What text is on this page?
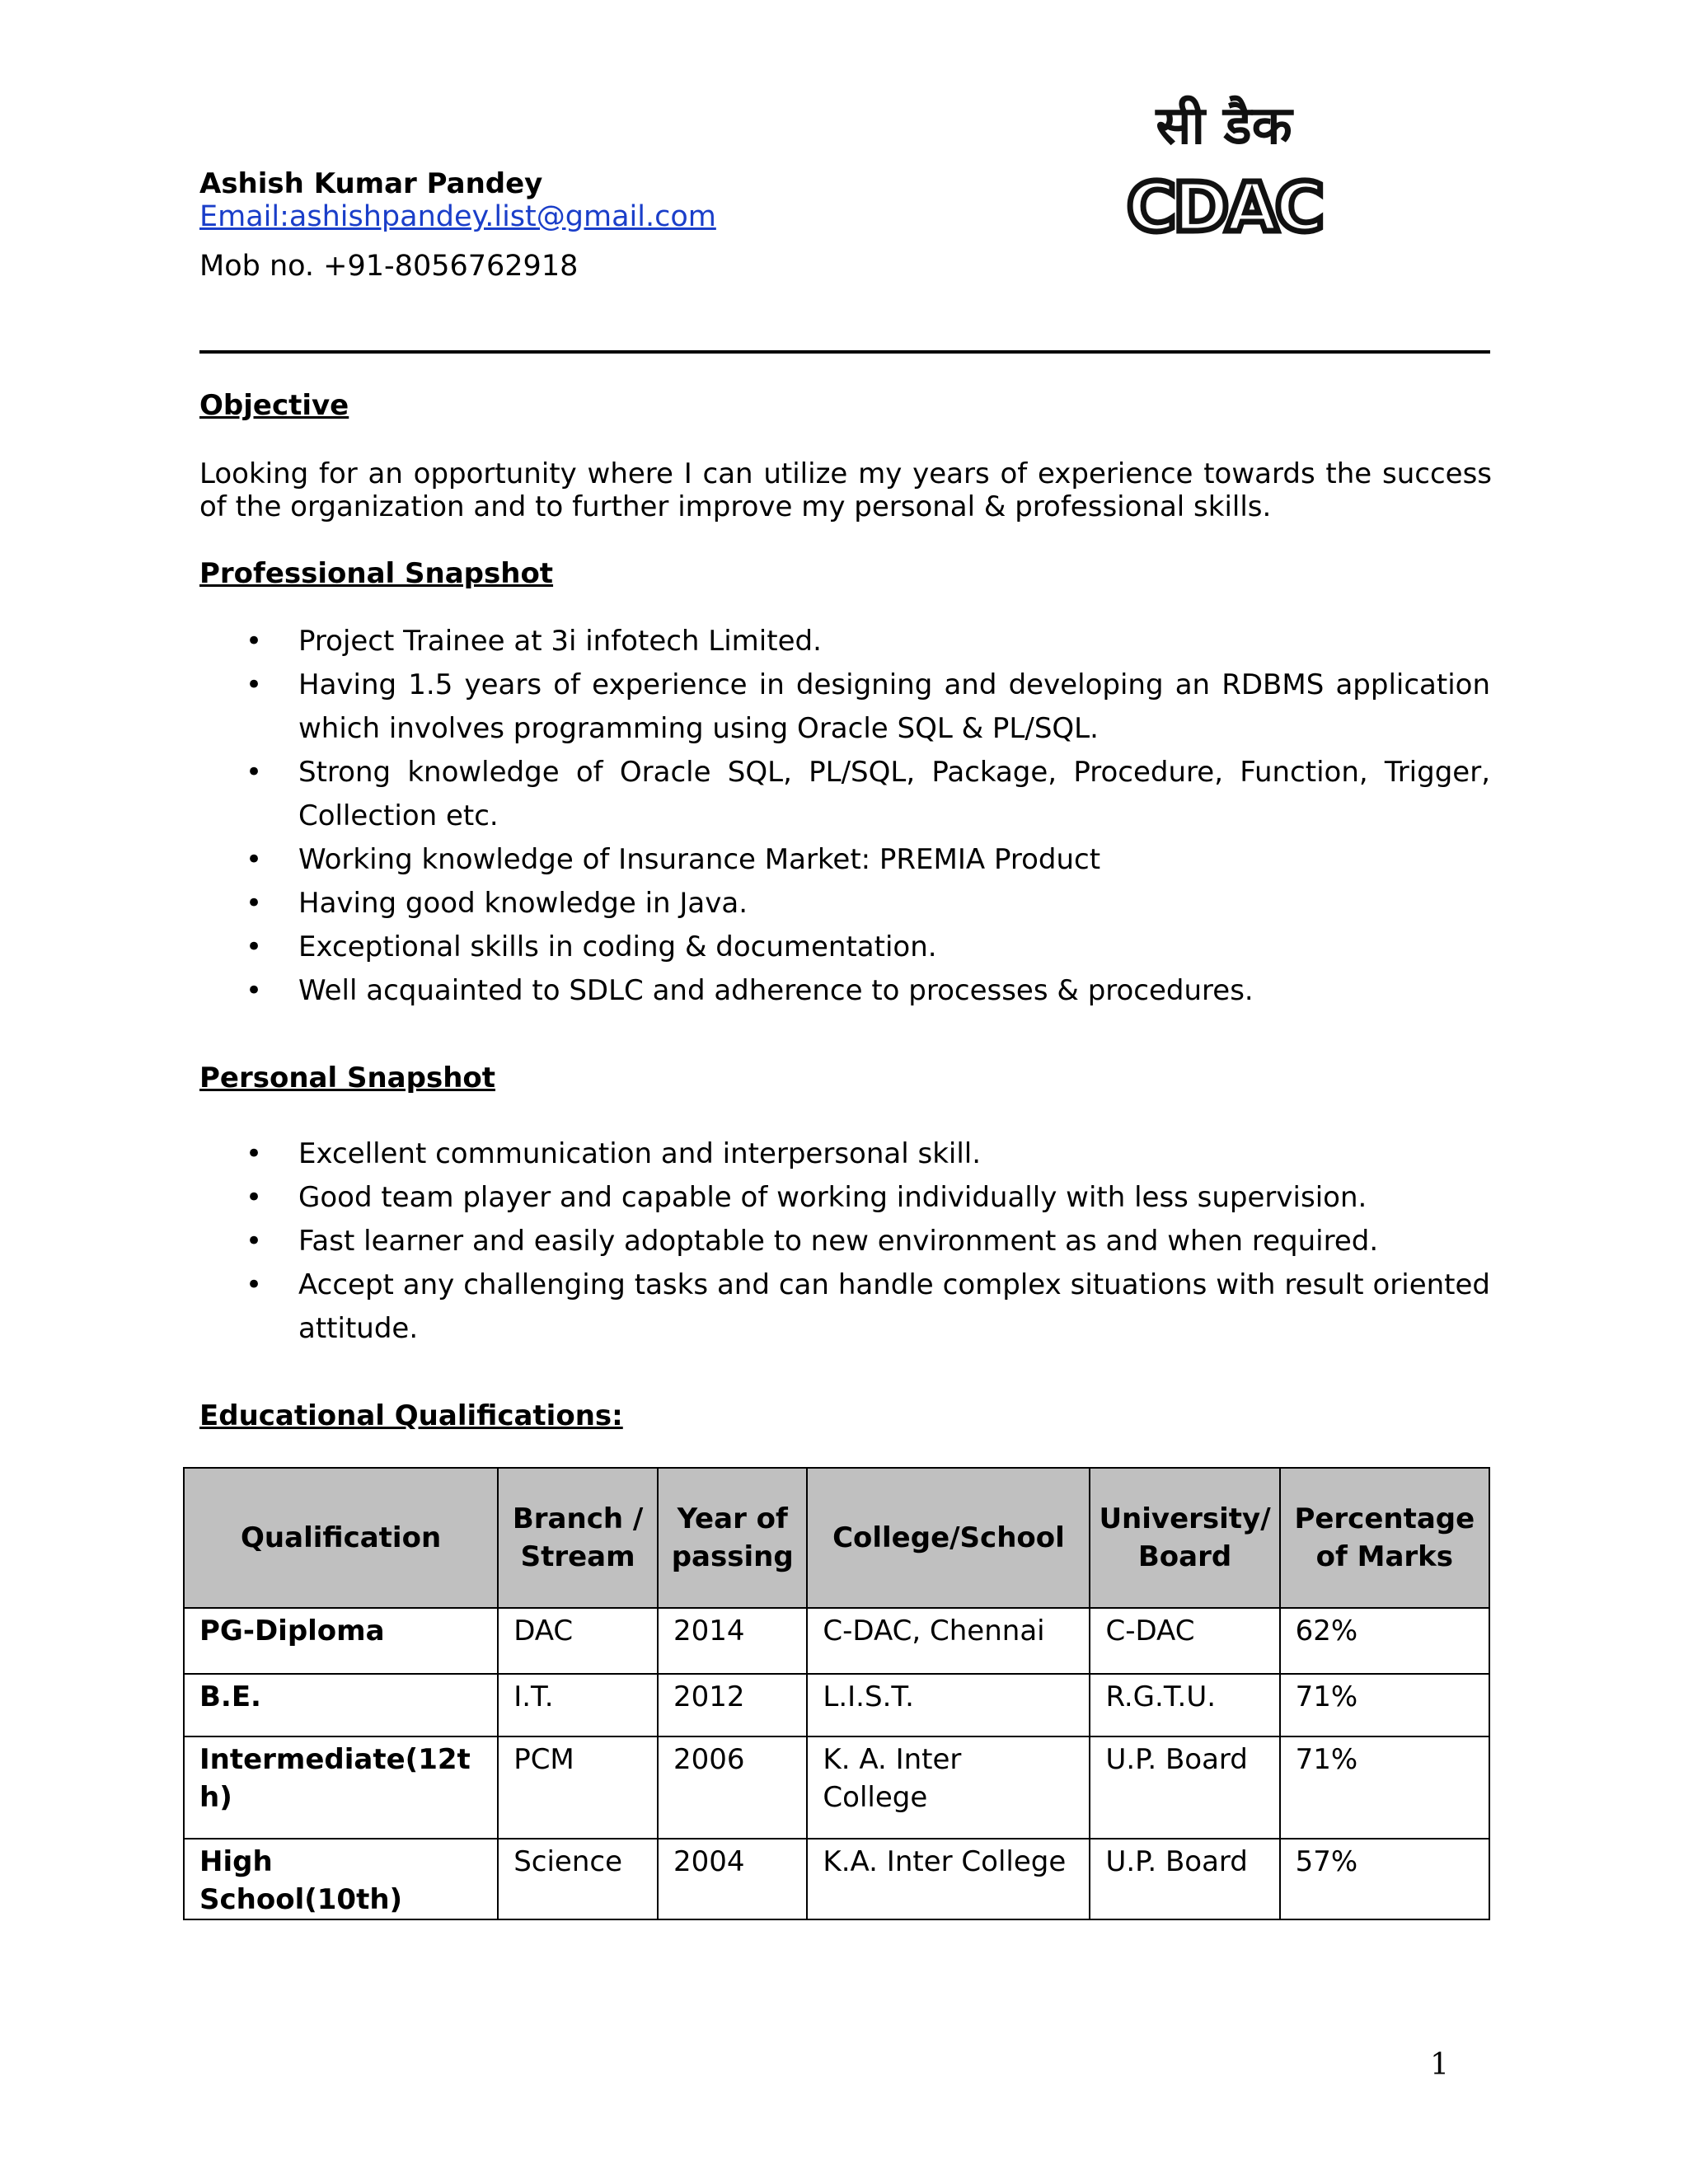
Ashish Kumar Pandey
Email:ashishpandey.list@gmail.com
Mob no. +91-8056762918
सी डैक
CDAC
Objective
Looking for an opportunity where I can utilize my years of experience towards the success of the organization and to further improve my personal & professional skills.
Professional Snapshot
• Project Trainee at 3i infotech Limited.
• Having 1.5 years of experience in designing and developing an RDBMS application which involves programming using Oracle SQL & PL/SQL.
• Strong knowledge of Oracle SQL, PL/SQL, Package, Procedure, Function, Trigger, Collection etc.
• Working knowledge of Insurance Market: PREMIA Product
• Having good knowledge in Java.
• Exceptional skills in coding & documentation.
• Well acquainted to SDLC and adherence to processes & procedures.
Personal Snapshot
• Excellent communication and interpersonal skill.
• Good team player and capable of working individually with less supervision.
• Fast learner and easily adoptable to new environment as and when required.
• Accept any challenging tasks and can handle complex situations with result oriented attitude.
Educational Qualifications:
Qualification	Branch / Stream	Year of passing	College/School	University/ Board	Percentage of Marks
PG-Diploma	DAC	2014	C-DAC, Chennai	C-DAC	62%
B.E.	I.T.	2012	L.I.S.T.	R.G.T.U.	71%
Intermediate(12th)	PCM	2006	K. A. Inter College	U.P. Board	71%
High School(10th)	Science	2004	K.A. Inter College	U.P. Board	57%
1
